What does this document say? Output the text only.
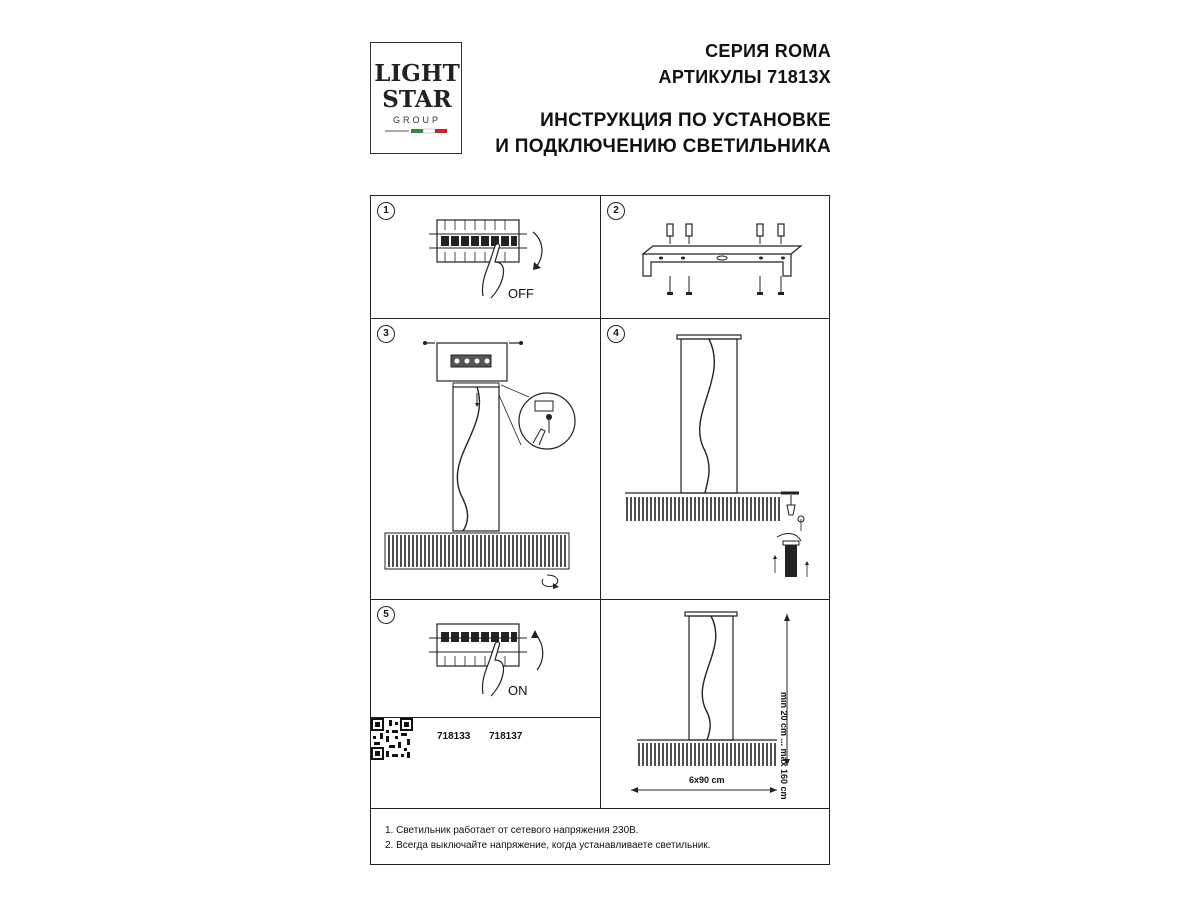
LIGHT
STAR
GROUP
СЕРИЯ ROMA
АРТИКУЛЫ 71813X
ИНСТРУКЦИЯ ПО УСТАНОВКЕ
И ПОДКЛЮЧЕНИЮ СВЕТИЛЬНИКА
1
OFF
2
3	4
5
ON
718133 718137
6x90 cm	min 20 cm ... max 160 cm
1. Светильник работает от сетевого напряжения 230В.
2. Всегда выключайте напряжение, когда устанавливаете светильник.
